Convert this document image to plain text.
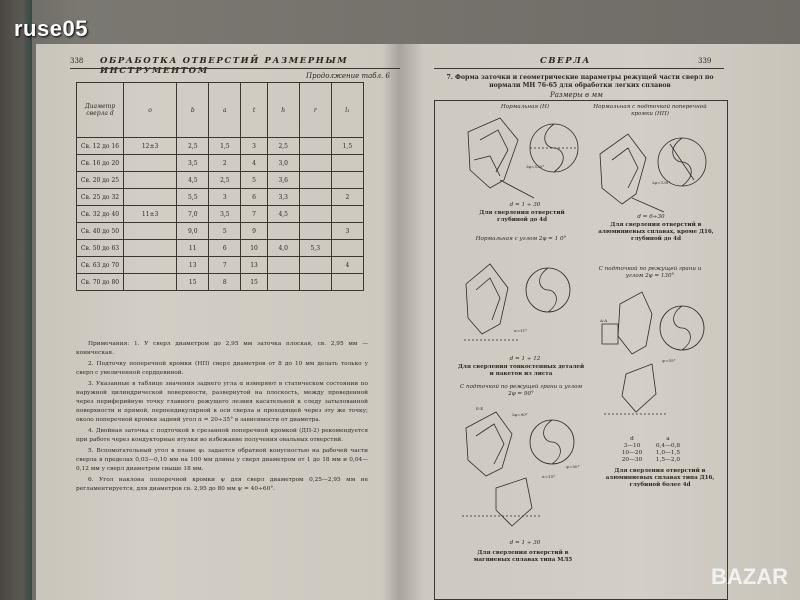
338 ОБРАБОТКА ОТВЕРСТИЙ РАЗМЕРНЫМ ИНСТРУМЕНТОМ	Продолжение табл. 6
Диаметр сверла d	o	b	a	t	h	r	l₁
Св. 12 до 16	12±3	2,5	1,5	3	2,5		1,5
Св. 16 до 20		3,5	2	4	3,0		
Св. 20 до 25		4,5	2,5	5	3,6		
Св. 25 до 32		5,5	3	6	3,3		2
Св. 32 до 40	11±3	7,0	3,5	7	4,5		
Св. 40 до 50		9,0	5	9			3
Св. 50 до 63		11	6	10	4,0	5,3	
Св. 63 до 70		13	7	13			4
Св. 70 до 80		15	8	15			

Примечания: 1. У сверл диаметром до 2,95 мм заточка плоская, св. 2,95 мм — коническая.

2. Подточку поперечной кромки (НП) сверл диаметров от 8 до 10 мм делать только у сверл с увеличенной сердцевиной.

3. Указанные в таблице значения заднего угла α измеряют в статическом состоянии по наружной цилиндрической поверхности, развернутой на плоскость, между проведенной через периферийную точку главного режущего лезвия касательной к следу затылованной поверхности и прямой, перпендикулярной к оси сверла и проходящей через эту же точку; около поперечной кромки задний угол α = 20÷35° в зависимости от диаметра.

4. Двойная заточка с подточкой в срезанной поперечной кромкой (ДП-2) рекомендуется при работе через кондукторные втулки во избежание получения овальных отверстий.

5. Вспомогательный угол в плане φ₁ задается обратной конусностью на рабочей части сверла в пределах 0,03—0,10 мм на 100 мм длины у сверл диаметром от 1 до 18 мм и 0,04—0,12 мм у сверл диаметром свыше 18 мм.

6. Угол наклона поперечной кромки ψ для сверл диаметром 0,25—2,95 мм не регламентируется, для диаметров св. 2,95 до 80 мм ψ = 40÷60°.

СВЕРЛА	339
7. Форма заточки и геометрические параметры режущей части сверл по нормали МН 76-65 для обработки легких сплавов
Размеры в мм
Нормальная (Н)
2φ=120°
d = 1 ÷ 30
Для сверления отверстий глубиной до 4d
Нормальная с подточкой поперечной кромки (НП)
2φ=130°
d = 6÷30
Для сверления отверстий в алюминиевых сплавах, кроме Д16, глубиной до 4d
Нормальная с углом 2φ = 1 0°
α=11°
d = 1 ÷ 12
Для сверления тонкостенных деталей и пакетов из листа
С подточкой по режущей грани и углом 2φ = 130°
A-A
ψ=55°
d	a
3—10	0,4—0,8
10—20 1,0—1,5
20—30 1,5—2,0
Для сверления отверстий в алюминиевых сплавах типа Д16, глубиной более 4d
С подточкой по режущей грани и углом 2φ = 90°
Б-Б
2φ=90°
α=15°
ψ=50°
d = 1 ÷ 30
Для сверления отверстий в магниевых сплавах типа МЛ5
ruse05
BAZAR
